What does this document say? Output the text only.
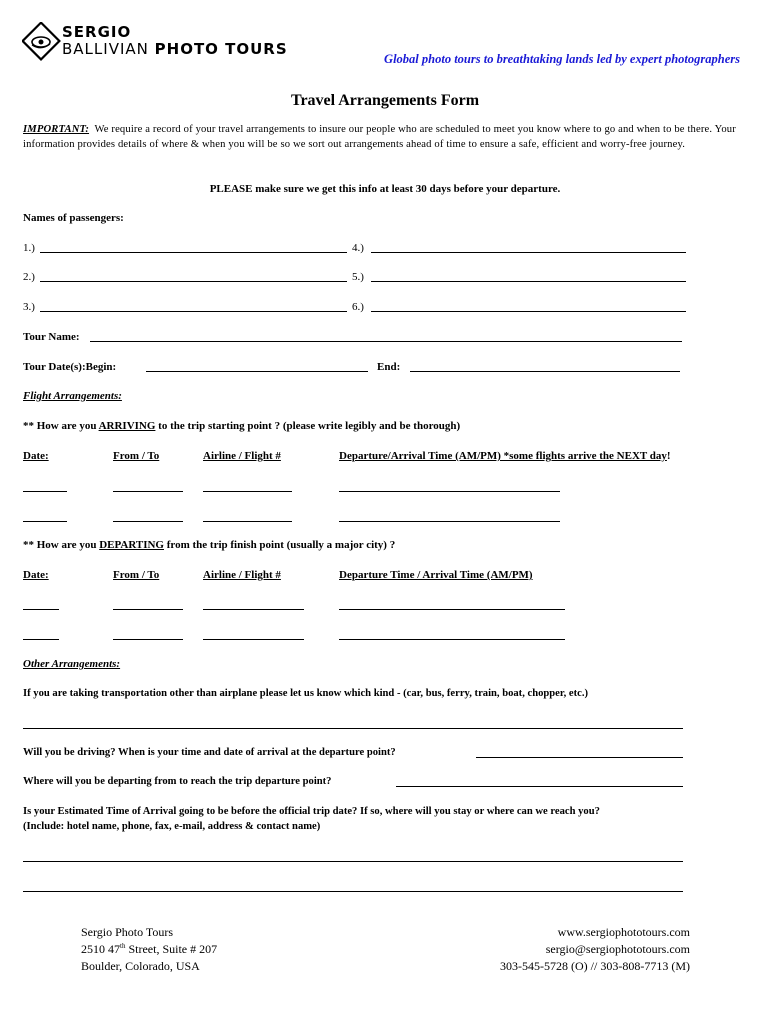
SERGIO
BALLIVIAN PHOTO TOURS
Global photo tours to breathtaking lands led by expert photographers
Travel Arrangements Form
IMPORTANT: We require a record of your travel arrangements to insure our people who are scheduled to meet you know where to go and when to be there. Your information provides details of where & when you will be so we sort out arrangements ahead of time to ensure a safe, efficient and worry-free journey.
PLEASE make sure we get this info at least 30 days before your departure.
Names of passengers:
1.)	4.)
2.)	5.)
3.)	6.)
Tour Name:
Tour Date(s):Begin:	End:
Flight Arrangements:
** How are you ARRIVING to the trip starting point ? (please write legibly and be thorough)
Date:	From / To	Airline / Flight #	Departure/Arrival Time (AM/PM) *some flights arrive the NEXT day!
** How are you DEPARTING from the trip finish point (usually a major city) ?
Date:	From / To	Airline / Flight #	Departure Time / Arrival Time (AM/PM)
Other Arrangements:
If you are taking transportation other than airplane please let us know which kind - (car, bus, ferry, train, boat, chopper, etc.)
Will you be driving? When is your time and date of arrival at the departure point?
Where will you be departing from to reach the trip departure point?
Is your Estimated Time of Arrival going to be before the official trip date? If so, where will you stay or where can we reach you?
(Include: hotel name, phone, fax, e-mail, address & contact name)
Sergio Photo Tours
2510 47th Street, Suite # 207
Boulder, Colorado, USA
www.sergiophototours.com
sergio@sergiophototours.com
303-545-5728 (O) // 303-808-7713 (M)
